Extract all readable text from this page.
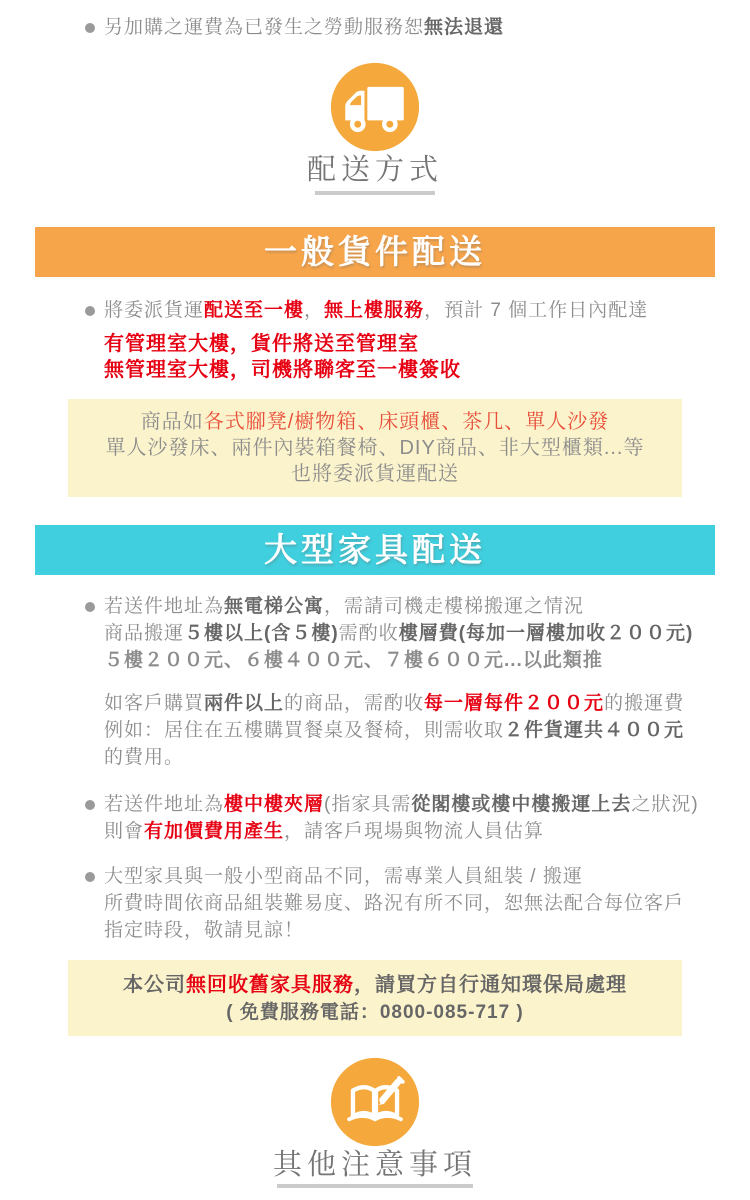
另加購之運費為已發生之勞動服務恕無法退還

配送方式
一般貨件配送

將委派貨運配送至一樓，無上樓服務，預計 7 個工作日內配達

有管理室大樓，貨件將送至管理室

無管理室大樓，司機將聯客至一樓簽收

商品如各式腳凳/櫥物箱、床頭櫃、茶几、單人沙發

單人沙發床、兩件內裝箱餐椅、DIY商品、非大型櫃類...等

也將委派貨運配送

大型家具配送

若送件地址為無電梯公寓，需請司機走樓梯搬運之情況

商品搬運５樓以上(含５樓)需酌收樓層費(每加一層樓加收２００元)

５樓２００元、６樓４００元、７樓６００元...以此類推

如客戶購買兩件以上的商品，需酌收每一層每件２００元的搬運費

例如：居住在五樓購買餐桌及餐椅，則需收取２件貨運共４００元

的費用。

若送件地址為樓中樓夾層(指家具需從閣樓或樓中樓搬運上去之狀況)

則會有加價費用產生，請客戶現場與物流人員估算

大型家具與一般小型商品不同，需專業人員組裝 / 搬運

所費時間依商品組裝難易度、路況有所不同，恕無法配合每位客戶

指定時段，敬請見諒！

本公司無回收舊家具服務，請買方自行通知環保局處理

( 免費服務電話：0800-085-717 )

其他注意事項
